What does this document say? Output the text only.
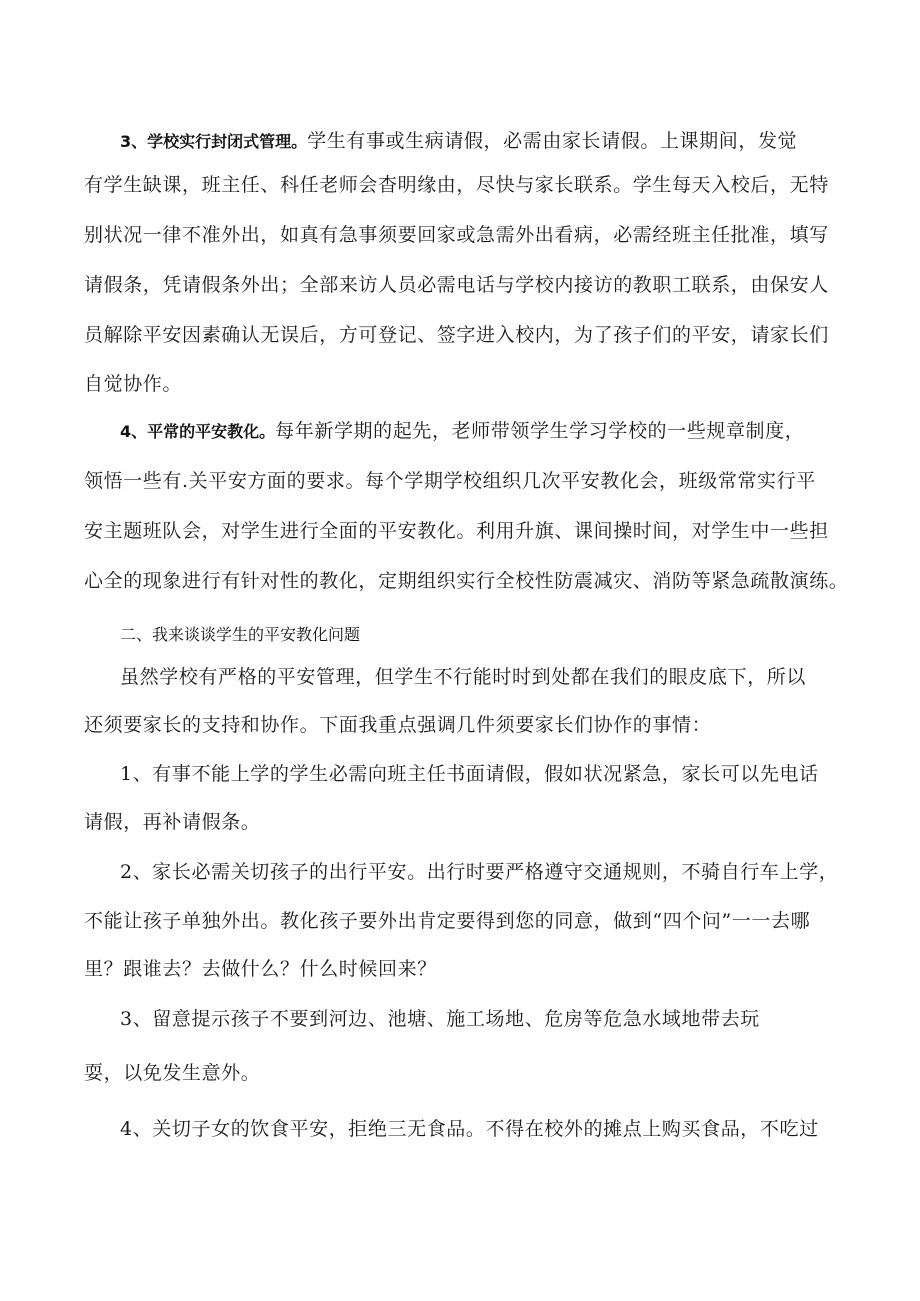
3、学校实行封闭式管理。学生有事或生病请假，必需由家长请假。上课期间，发觉

有学生缺课，班主任、科任老师会杳明缘由，尽快与家长联系。学生每天入校后，无特

别状况一律不准外出，如真有急事须要回家或急需外出看病，必需经班主任批准，填写

请假条，凭请假条外出；全部来访人员必需电话与学校内接访的教职工联系，由保安人

员解除平安因素确认无误后，方可登记、签字进入校内，为了孩子们的平安，请家长们

自觉协作。

4、平常的平安教化。每年新学期的起先，老师带领学生学习学校的一些规章制度，

领悟一些有.关平安方面的要求。每个学期学校组织几次平安教化会，班级常常实行平

安主题班队会，对学生进行全面的平安教化。利用升旗、课间操时间，对学生中一些担

心全的现象进行有针对性的教化，定期组织实行全校性防震减灾、消防等紧急疏散演练。

二、我来谈谈学生的平安教化问题

虽然学校有严格的平安管理，但学生不行能时时到处都在我们的眼皮底下，所以

还须要家长的支持和协作。下面我重点强调几件须要家长们协作的事情：

1、有事不能上学的学生必需向班主任书面请假，假如状况紧急，家长可以先电话

请假，再补请假条。

2、家长必需关切孩子的出行平安。出行时要严格遵守交通规则，不骑自行车上学，

不能让孩子单独外出。教化孩子要外出肯定要得到您的同意，做到“四个问”一一去哪

里？跟谁去？去做什么？什么时候回来？

3、留意提示孩子不要到河边、池塘、施工场地、危房等危急水域地带去玩

耍，以免发生意外。

4、关切子女的饮食平安，拒绝三无食品。不得在校外的摊点上购买食品，不吃过
